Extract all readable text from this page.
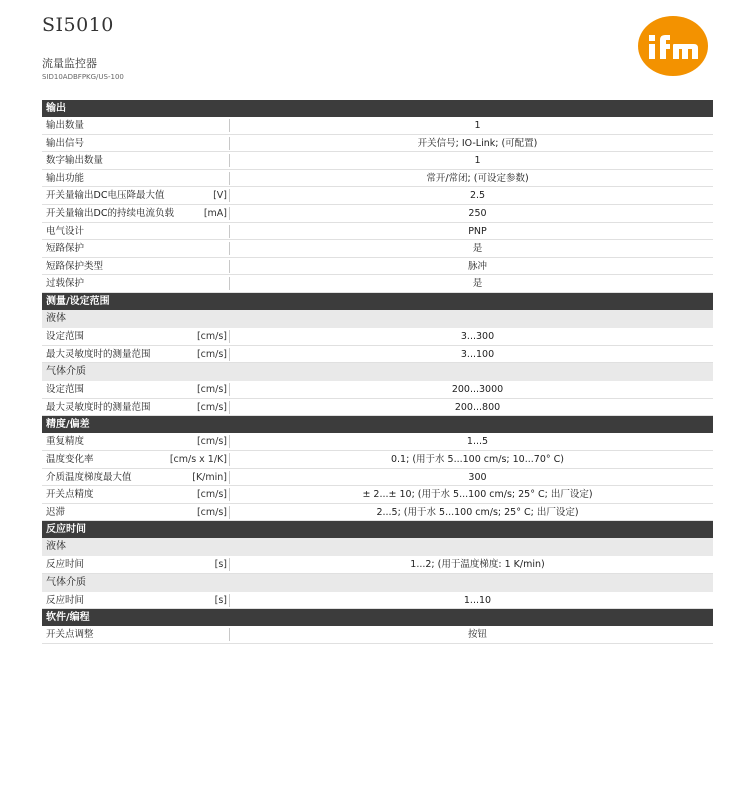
SI5010
流量监控器
SID10ADBFPKG/US-100
输出
输出数量	1
输出信号	开关信号; IO-Link; (可配置)
数字输出数量	1
输出功能	常开/常闭; (可设定参数)
开关量输出DC电压降最大值	[V]	2.5
开关量输出DC的持续电流负载	[mA]	250
电气设计	PNP
短路保护	是
短路保护类型	脉冲
过载保护	是
测量/设定范围
液体
设定范围	[cm/s]	3...300
最大灵敏度时的测量范围	[cm/s]	3...100
气体介质
设定范围	[cm/s]	200...3000
最大灵敏度时的测量范围	[cm/s]	200...800
精度/偏差
重复精度	[cm/s]	1...5
温度变化率	[cm/s x 1/K]	0.1; (用于水 5...100 cm/s; 10...70° C)
介质温度梯度最大值	[K/min]	300
开关点精度	[cm/s]	± 2...± 10; (用于水 5...100 cm/s; 25° C; 出厂设定)
迟滞	[cm/s]	2...5; (用于水 5...100 cm/s; 25° C; 出厂设定)
反应时间
液体
反应时间	[s]	1...2; (用于温度梯度: 1 K/min)
气体介质
反应时间	[s]	1...10
软件/编程
开关点调整	按钮
